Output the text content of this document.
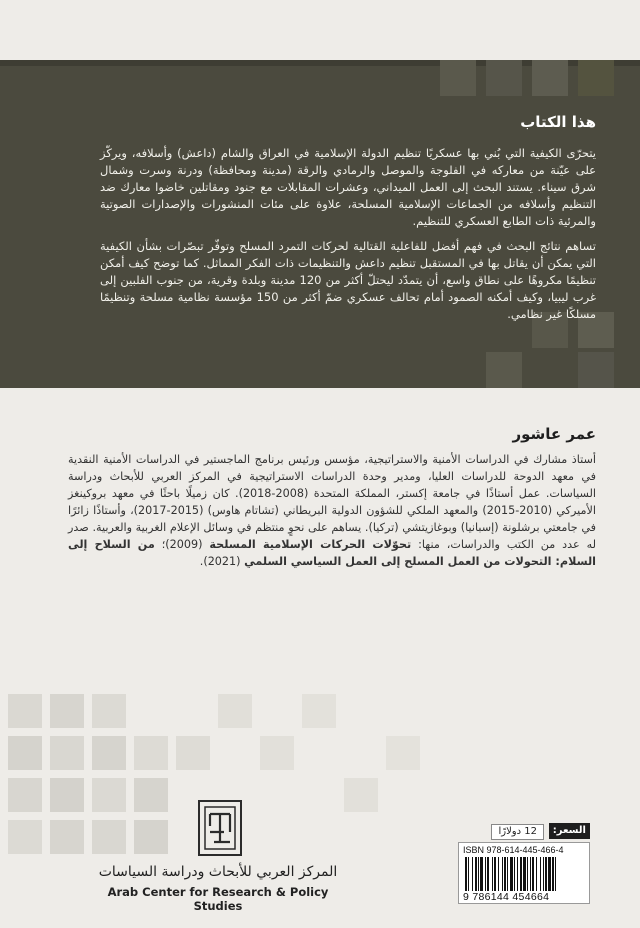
هذا الكتاب

يتحرّى الكيفية التي بُني بها عسكريًا تنظيم الدولة الإسلامية في العراق والشام (داعش) وأسلافه، ويركّز على عيّنة من معاركه في الفلوجة والموصل والرمادي والرقة (مدينة ومحافظة) ودرنة وسرت وشمال شرق سيناء. يستند البحث إلى العمل الميداني، وعشرات المقابلات مع جنود ومقاتلين خاضوا معارك ضد التنظيم وأسلافه من الجماعات الإسلامية المسلحة، علاوة على مئات المنشورات والإصدارات الصوتية والمرئية ذات الطابع العسكري للتنظيم.

تساهم نتائج البحث في فهم أفضل للفاعلية القتالية لحركات التمرد المسلح وتوفّر تبصّرات بشأن الكيفية التي يمكن أن يقاتل بها في المستقبل تنظيم داعش والتنظيمات ذات الفكر المماثل. كما توضح كيف أمكن تنظيمًا مكروهًا على نطاق واسع، أن يتمدّد ليحتلّ أكثر من 120 مدينة وبلدة وقرية، من جنوب الفلبين إلى غرب ليبيا، وكيف أمكنه الصمود أمام تحالف عسكري ضمّ أكثر من 150 مؤسسة نظامية مسلحة وتنظيمًا مسلكًا غير نظامي.

عمر عاشور

أستاذ مشارك في الدراسات الأمنية والاستراتيجية، مؤسس ورئيس برنامج الماجستير في الدراسات الأمنية النقدية في معهد الدوحة للدراسات العليا، ومدير وحدة الدراسات الاستراتيجية في المركز العربي للأبحاث ودراسة السياسات. عمل أستاذًا في جامعة إكستر، المملكة المتحدة (2008-2018). كان زميلًا باحثًا في معهد بروكينغز الأميركي (2010-2015) والمعهد الملكي للشؤون الدولية البريطاني (تشاتام هاوس) (2015-2017)، وأستاذًا زائرًا في جامعتي برشلونة (إسبانيا) وبوغازيتشي (تركيا). يساهم على نحوٍ منتظم في وسائل الإعلام الغربية والعربية. صدر له عدد من الكتب والدراسات، منها: تحوّلات الحركات الإسلامية المسلحة (2009)؛ من السلاح إلى السلام: التحولات من العمل المسلح إلى العمل السياسي السلمي (2021).

المركز العربي للأبحاث ودراسة السياسات
Arab Center for Research & Policy Studies
السعر:
12 دولارًا
ISBN 978-614-445-466-4
9 786144 454664
